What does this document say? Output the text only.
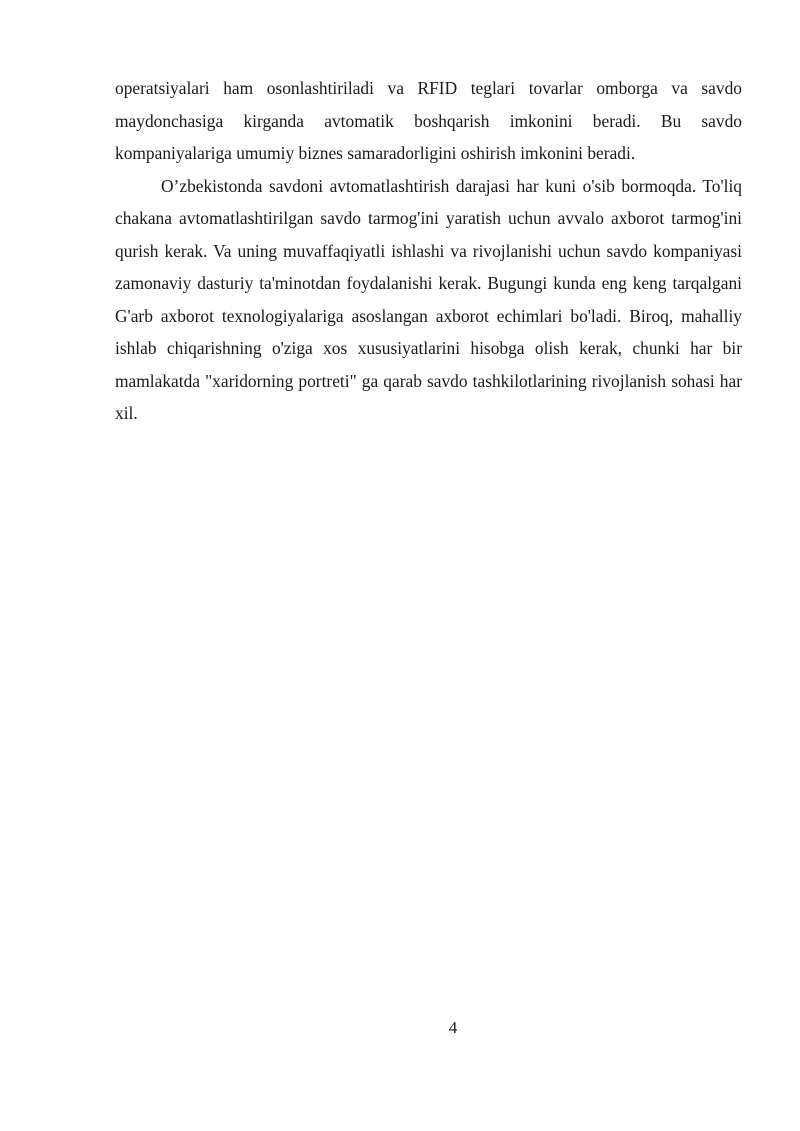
operatsiyalari ham osonlashtiriladi va RFID teglari tovarlar omborga va savdo maydonchasiga kirganda avtomatik boshqarish imkonini beradi. Bu savdo kompaniyalariga umumiy biznes samaradorligini oshirish imkonini beradi.

O’zbekistonda savdoni avtomatlashtirish darajasi har kuni o'sib bormoqda. To'liq chakana avtomatlashtirilgan savdo tarmog'ini yaratish uchun avvalo axborot tarmog'ini qurish kerak. Va uning muvaffaqiyatli ishlashi va rivojlanishi uchun savdo kompaniyasi zamonaviy dasturiy ta'minotdan foydalanishi kerak. Bugungi kunda eng keng tarqalgani G'arb axborot texnologiyalariga asoslangan axborot echimlari bo'ladi. Biroq, mahalliy ishlab chiqarishning o'ziga xos xususiyatlarini hisobga olish kerak, chunki har bir mamlakatda "xaridorning portreti" ga qarab savdo tashkilotlarining rivojlanish sohasi har xil.

4
